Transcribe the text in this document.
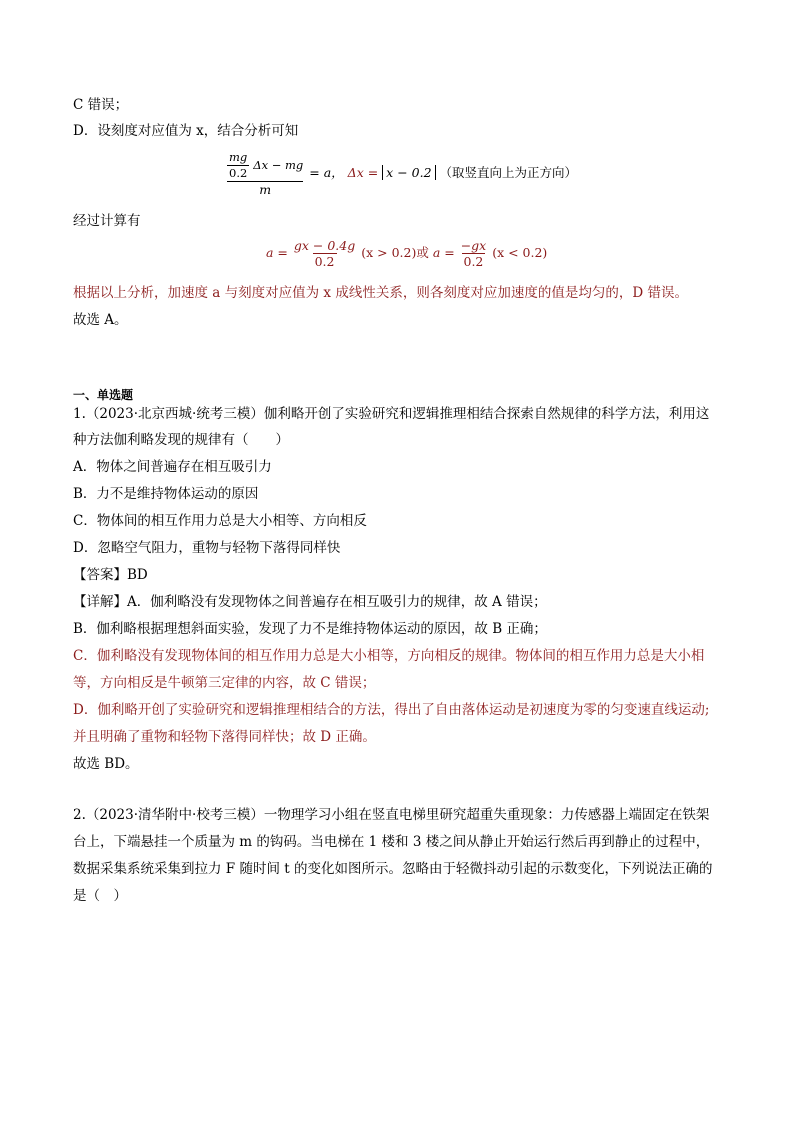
C 错误；
D．设刻度对应值为 x，结合分析可知
$\frac{\frac{mg}{0.2} \Delta x - mg}{m} = a$， Δx = x − 0.2 （取竖直向上为正方向）
经过计算有
$a = \frac{gx - 0.4g}{0.2} (x > 0.2)$或 $a = \frac{-gx}{0.2} (x < 0.2)$
根据以上分析，加速度 a 与刻度对应值为 x 成线性关系，则各刻度对应加速度的值是均匀的，D 错误。
故选 A。
一、单选题
1.（2023·北京西城·统考三模）伽利略开创了实验研究和逻辑推理相结合探索自然规律的科学方法，利用这
种方法伽利略发现的规律有（　　）
A．物体之间普遍存在相互吸引力
B．力不是维持物体运动的原因
C．物体间的相互作用力总是大小相等、方向相反
D．忽略空气阻力，重物与轻物下落得同样快
【答案】BD
【详解】A．伽利略没有发现物体之间普遍存在相互吸引力的规律，故 A 错误；
B．伽利略根据理想斜面实验，发现了力不是维持物体运动的原因，故 B 正确；
C．伽利略没有发现物体间的相互作用力总是大小相等，方向相反的规律。物体间的相互作用力总是大小相
等，方向相反是牛顿第三定律的内容，故 C 错误；
D．伽利略开创了实验研究和逻辑推理相结合的方法，得出了自由落体运动是初速度为零的匀变速直线运动;
并且明确了重物和轻物下落得同样快；故 D 正确。
故选 BD。
2.（2023·清华附中·校考三模）一物理学习小组在竖直电梯里研究超重失重现象：力传感器上端固定在铁架
台上，下端悬挂一个质量为 m 的钩码。当电梯在 1 楼和 3 楼之间从静止开始运行然后再到静止的过程中，
数据采集系统采集到拉力 F 随时间 t 的变化如图所示。忽略由于轻微抖动引起的示数变化，下列说法正确的
是（　）
